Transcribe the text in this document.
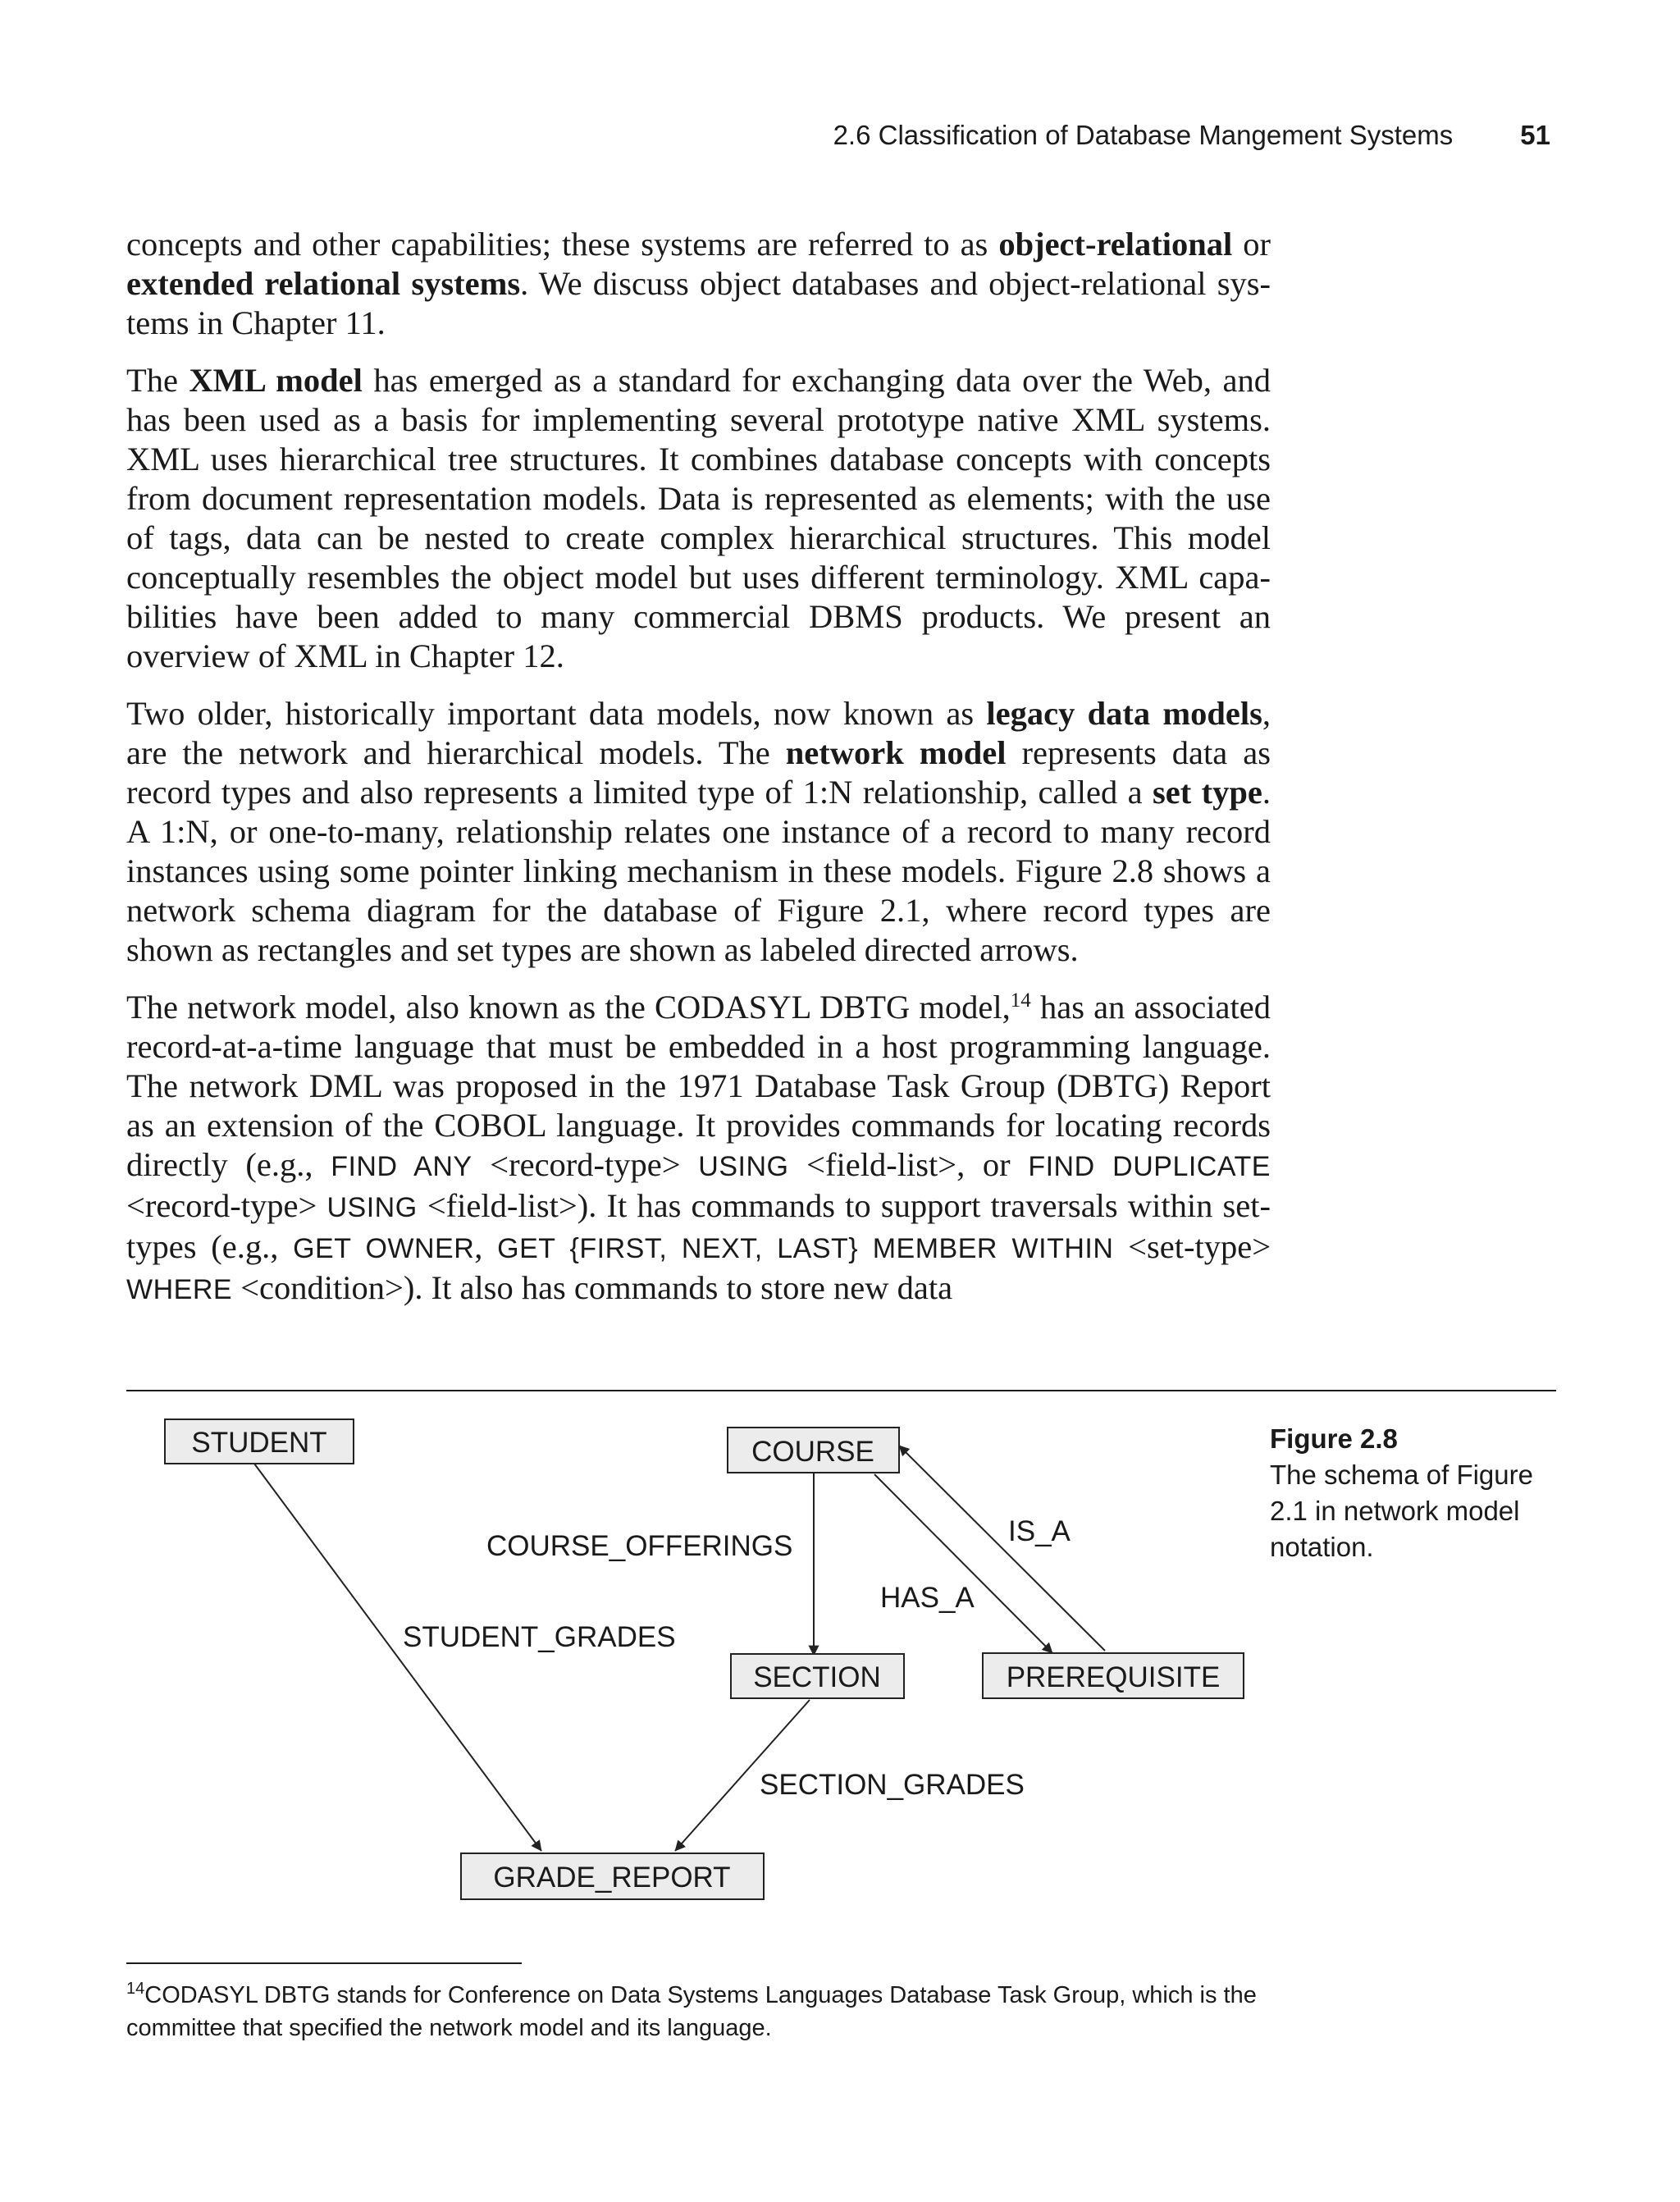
2.6 Classification of Database Mangement Systems 51

concepts and other capabilities; these systems are referred to as object-relational or extended relational systems. We discuss object databases and object-relational systems in Chapter 11.

The XML model has emerged as a standard for exchanging data over the Web, and has been used as a basis for implementing several prototype native XML systems. XML uses hierarchical tree structures. It combines database concepts with concepts from document representation models. Data is represented as elements; with the use of tags, data can be nested to create complex hierarchical structures. This model conceptually resembles the object model but uses different terminology. XML capabilities have been added to many commercial DBMS products. We present an overview of XML in Chapter 12.

Two older, historically important data models, now known as legacy data models, are the network and hierarchical models. The network model represents data as record types and also represents a limited type of 1:N relationship, called a set type. A 1:N, or one-to-many, relationship relates one instance of a record to many record instances using some pointer linking mechanism in these models. Figure 2.8 shows a network schema diagram for the database of Figure 2.1, where record types are shown as rectangles and set types are shown as labeled directed arrows.

The network model, also known as the CODASYL DBTG model,$^{14}$ has an associated record-at-a-time language that must be embedded in a host programming language. The network DML was proposed in the 1971 Database Task Group (DBTG) Report as an extension of the COBOL language. It provides commands for locating records directly (e.g., FIND ANY <record-type> USING <field-list>, or FIND DUPLICATE <record-type> USING <field-list>). It has commands to support traversals within set-types (e.g., GET OWNER, GET {FIRST, NEXT, LAST} MEMBER WITHIN <set-type> WHERE <condition>). It also has commands to store new data

STUDENT	COURSE
SECTION	PREREQUISITE
GRADE_REPORT
COURSE_OFFERINGS	IS_A
HAS_A
STUDENT_GRADES
SECTION_GRADES
Figure 2.8
The schema of Figure 2.1 in network model notation.
$^{14}$CODASYL DBTG stands for Conference on Data Systems Languages Database Task Group, which is the committee that specified the network model and its language.
